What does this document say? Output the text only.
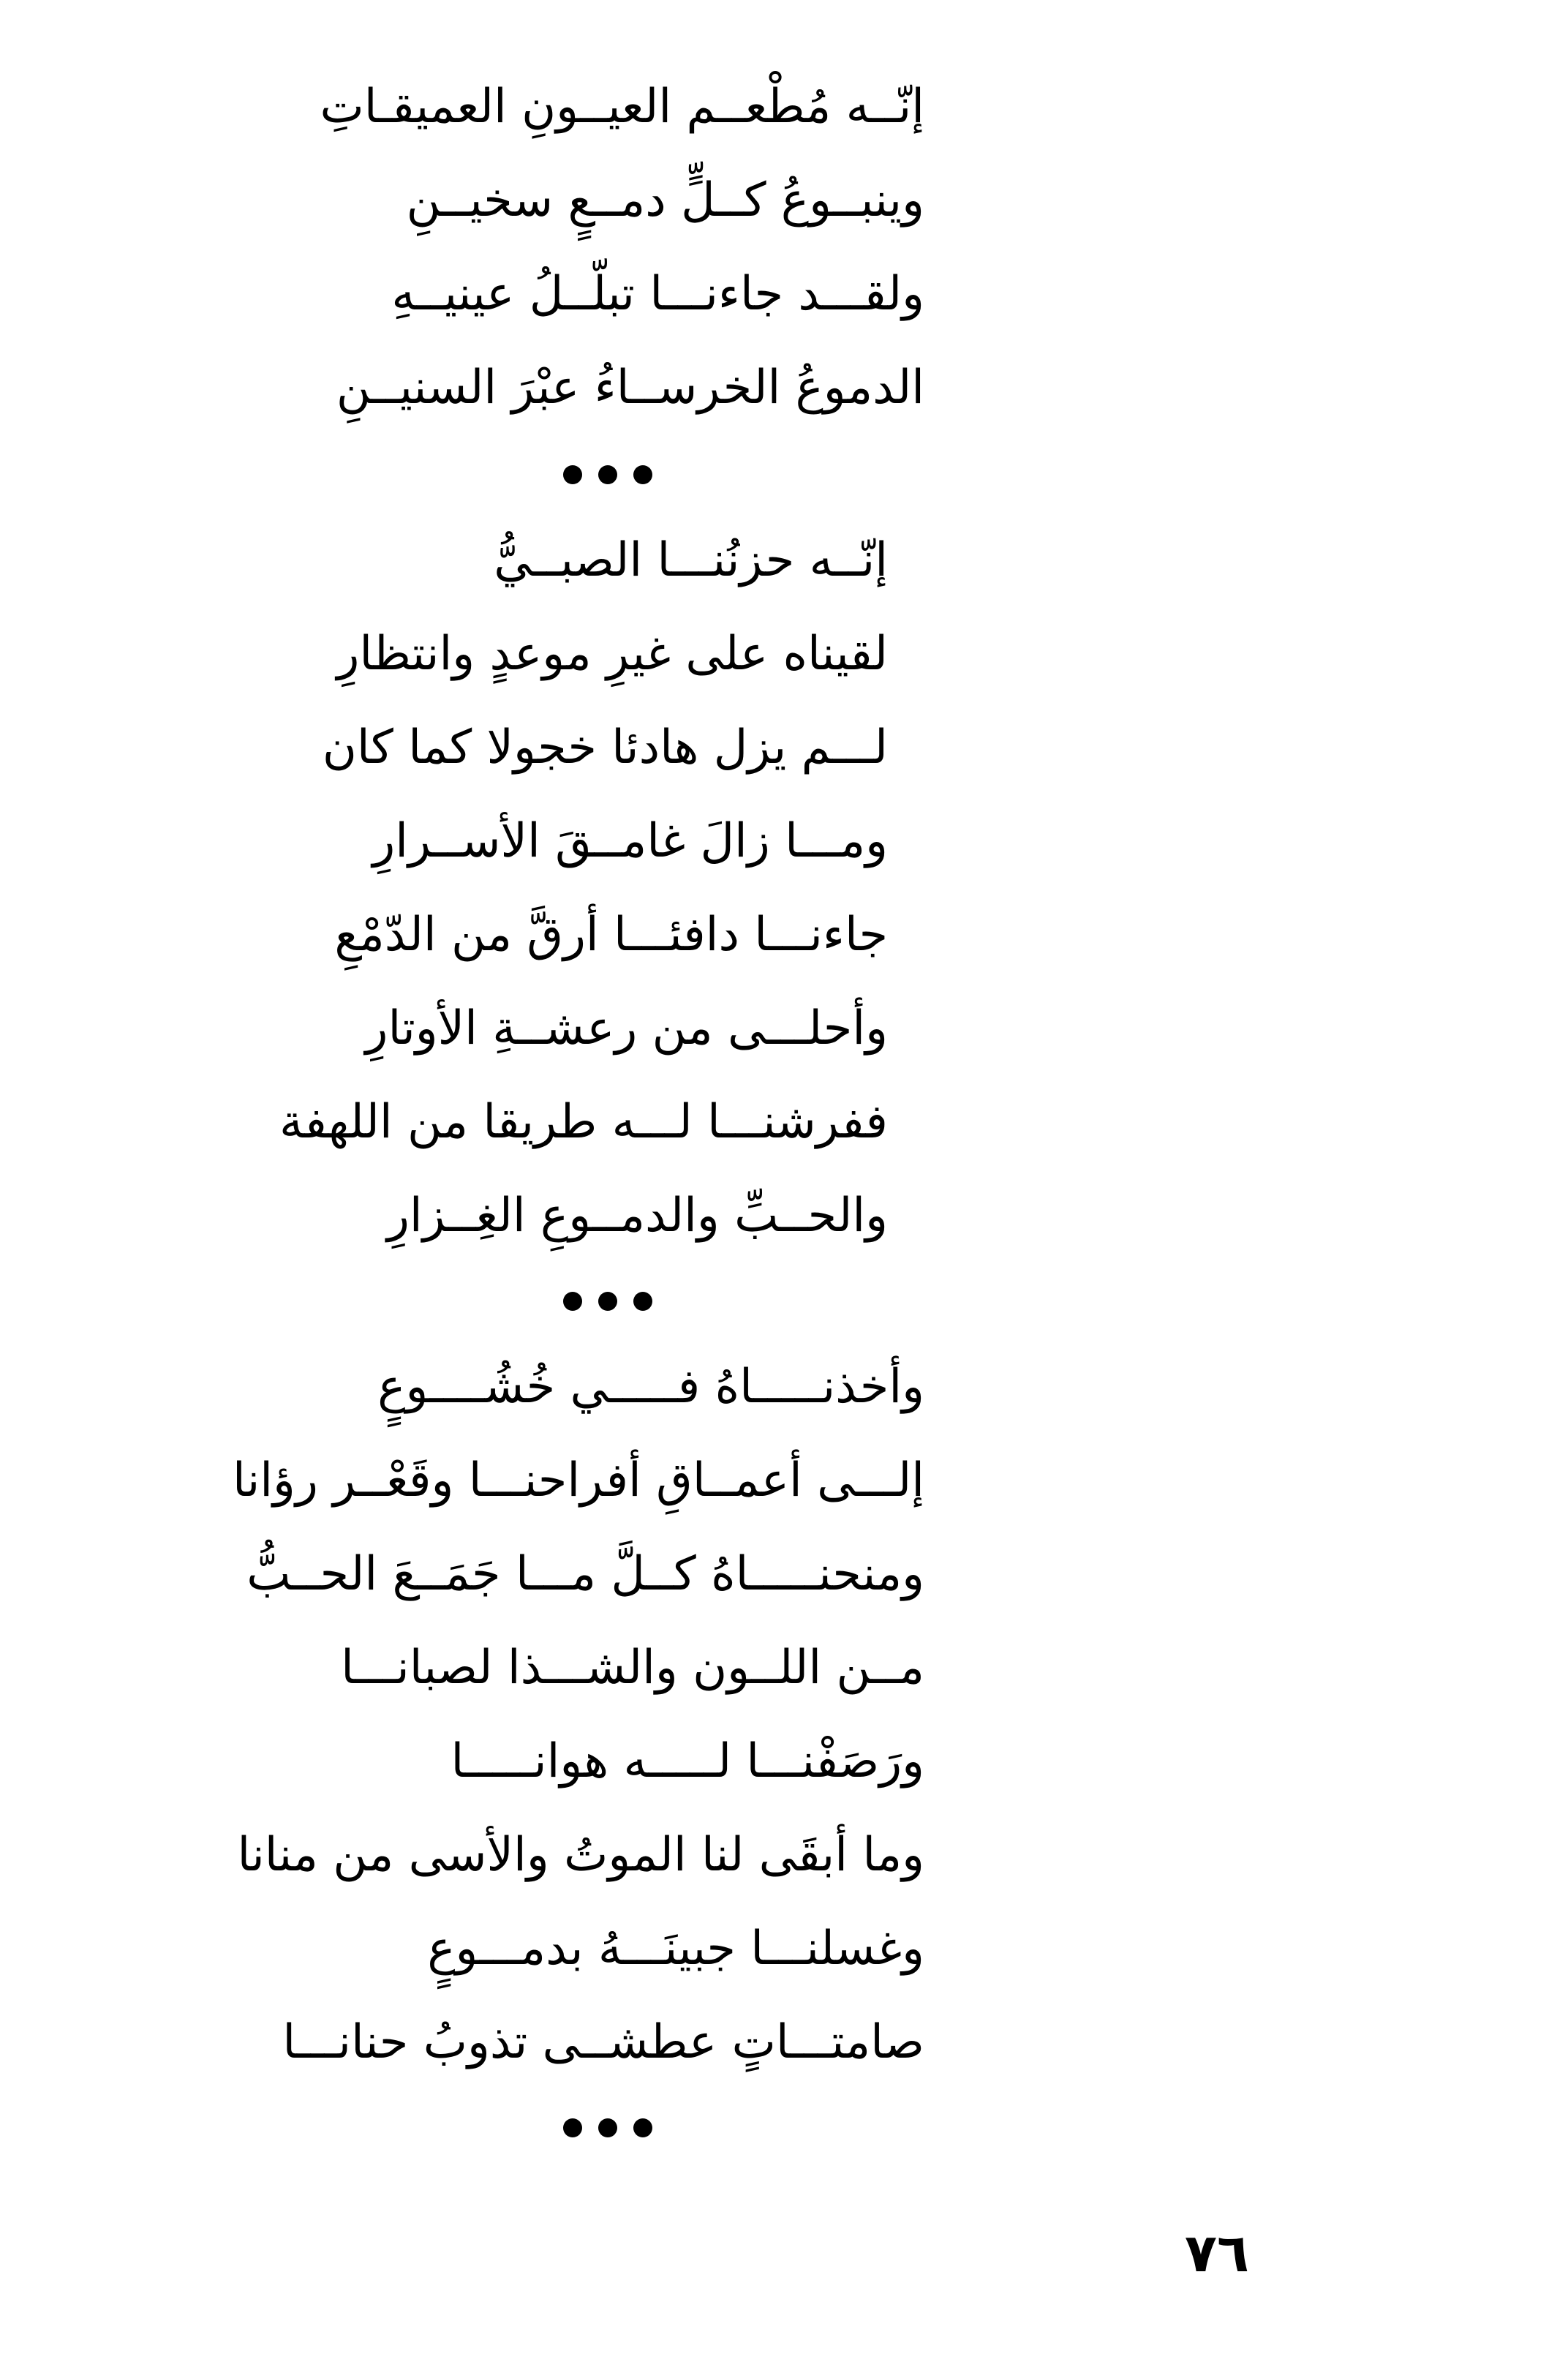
إنّــه مُطْعــم العيــونِ العميقـاتِ
وينبــوعُ كــلٍّ دمــعٍ سخيــنِ
ولقـــد جاءنـــا تبلّــلُ عينيــهِ
الدموعُ الخرســاءُ عبْرَ السنيــنِ
إنّــه حزنُنـــا الصبــيُّ
لقيناه على غيرِ موعدٍ وانتظارِ
لـــم يزل هادئا خجولا كما كان
ومـــا زالَ غامــقَ الأســرارِ
جاءنـــا دافئـــا أرقَّ من الدّمْعِ
وأحلـــى من رعشــةِ الأوتارِ
ففرشنـــا لـــه طريقا من اللهفة
والحــبِّ والدمــوعِ الغِــزارِ
وأخذنـــــاهُ فـــــي خُشُــــوعٍ
إلـــى أعمــاقِ أفراحنـــا وقَعْــر رؤانا
ومنحنـــــاهُ كــلَّ مـــا جَمَــعَ الحــبُّ
مــن اللــون والشـــذا لصبانـــا
ورَصَفْنـــا لـــــه هوانـــــا
وما أبقَى لنا الموتُ والأسى من منانا
وغسلنـــا جبينَـــهُ بدمـــوعٍ
صامتـــاتٍ عطشــى تذوبُ حنانـــا
٧٦
